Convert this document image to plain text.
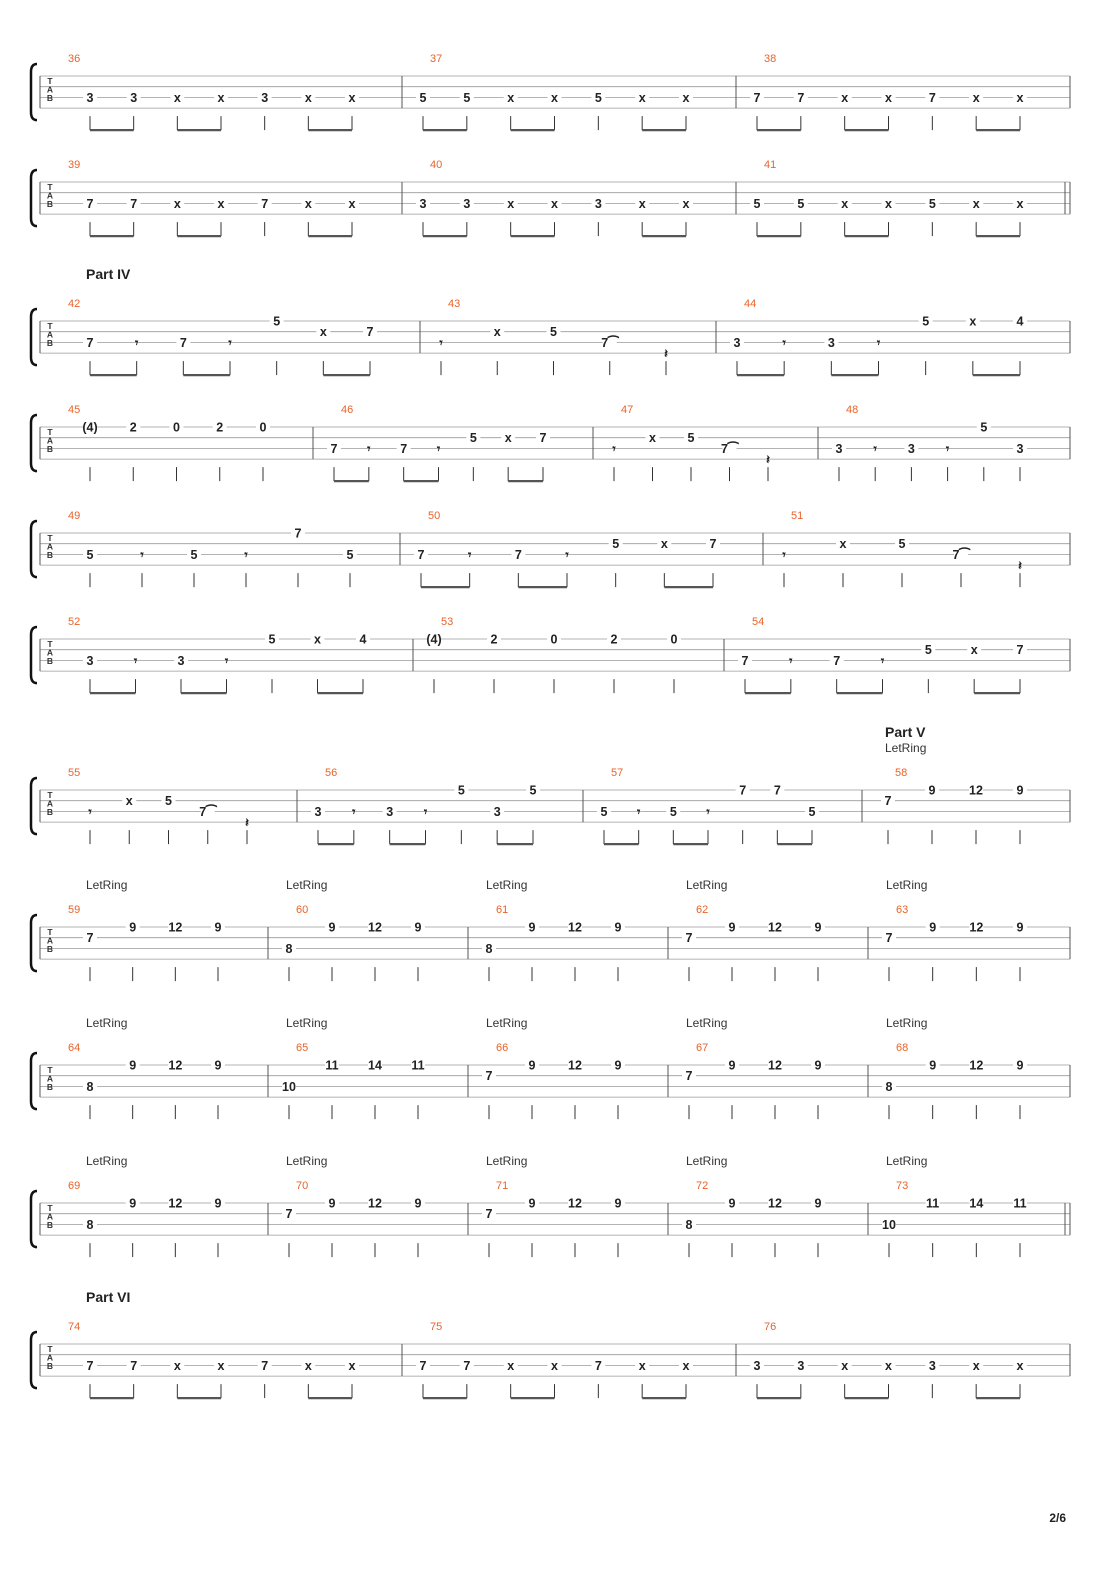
T
A
B
36
3	3	x	x	3	x	x
37
5	5	x	x	5	x	x
38
7	7	x	x	7	x	x
T
A
B
39
7	7	x	x	7	x	x
40
3	3	x	x	3	x	x
41
5	5	x	x	5	x	x
T
A
B
Part IV
42
7	𝄾	7	𝄾
5
x	7
43
𝄾
x	5
7⁀
𝄽
44
3	𝄾	3	𝄾
5	x	4
T
A
B
45
(4)	2	0	2	0
46
7 𝄾 7 𝄾
5 x 7
47
𝄾
x	5
7⁀
𝄽
48
3 𝄾 3 𝄾
5
3
T
A
B
49
5	𝄾	5	𝄾
7
5
50
7	𝄾	7	𝄾
5	x	7
51
𝄾
x	5
7⁀
𝄽
T
A
B
52
3	𝄾	3	𝄾
5	x	4
53
(4)	2	0	2	0
54
7	𝄾	7	𝄾
5	x	7
T
A
B
55
𝄾
x	5
7⁀
𝄽
56
3 𝄾 3 𝄾
5
3
5
57
5 𝄾 5 𝄾
7 7
5
58
Part V
LetRing
7
9	12	9
T
A
B
59
LetRing
7
9	12	9
60
LetRing
8
9	12	9
61
LetRing
8
9	12	9
62
LetRing
7
9	12	9
63
LetRing
7
9	12	9
T
A
B
64
LetRing
8
9	12	9
65
LetRing
10
11 14 11
66
LetRing
7
9	12	9
67
LetRing
7
9	12	9
68
LetRing
8
9	12	9
T
A
B
69
LetRing
8
9	12	9
70
LetRing
7
9	12	9
71
LetRing
7
9	12	9
72
LetRing
8
9	12	9
73
LetRing
10
11 14 11
T
A
B
Part VI
74
7	7	x	x	7	x	x
75
7	7	x	x	7	x	x
76
3	3	x	x	3	x	x
2/6
